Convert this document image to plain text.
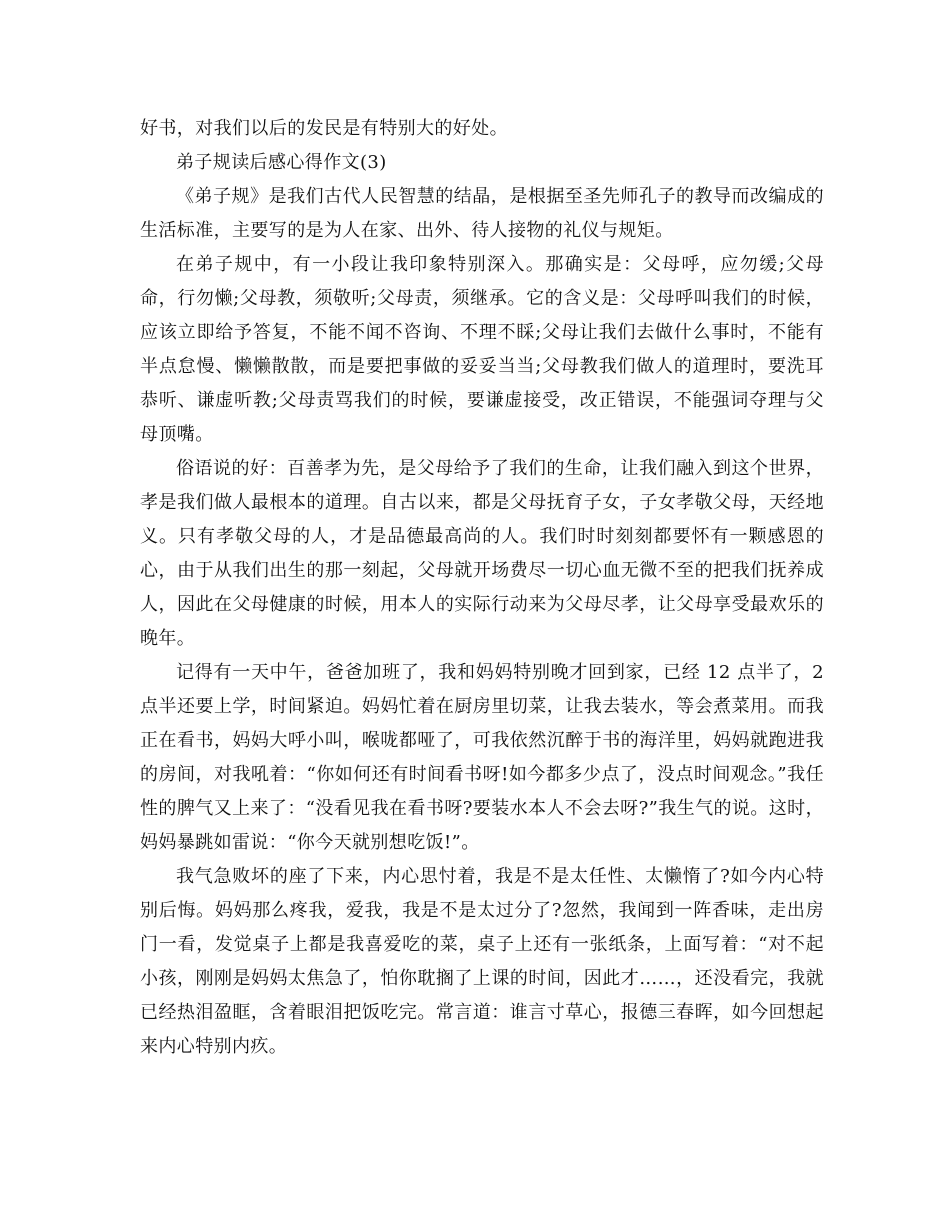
好书，对我们以后的发民是有特别大的好处。

弟子规读后感心得作文(3)

《弟子规》是我们古代人民智慧的结晶，是根据至圣先师孔子的教导而改编成的生活标准，主要写的是为人在家、出外、待人接物的礼仪与规矩。

在弟子规中，有一小段让我印象特别深入。那确实是：父母呼，应勿缓;父母命，行勿懒;父母教，须敬听;父母责，须继承。它的含义是：父母呼叫我们的时候，应该立即给予答复，不能不闻不咨询、不理不睬;父母让我们去做什么事时，不能有半点怠慢、懒懒散散，而是要把事做的妥妥当当;父母教我们做人的道理时，要洗耳恭听、谦虚听教;父母责骂我们的时候，要谦虚接受，改正错误，不能强词夺理与父母顶嘴。

俗语说的好：百善孝为先，是父母给予了我们的生命，让我们融入到这个世界，孝是我们做人最根本的道理。自古以来，都是父母抚育子女，子女孝敬父母，天经地义。只有孝敬父母的人，才是品德最高尚的人。我们时时刻刻都要怀有一颗感恩的心，由于从我们出生的那一刻起，父母就开场费尽一切心血无微不至的把我们抚养成人，因此在父母健康的时候，用本人的实际行动来为父母尽孝，让父母享受最欢乐的晚年。

记得有一天中午，爸爸加班了，我和妈妈特别晚才回到家，已经 12 点半了，2 点半还要上学，时间紧迫。妈妈忙着在厨房里切菜，让我去装水，等会煮菜用。而我正在看书，妈妈大呼小叫，喉咙都哑了，可我依然沉醉于书的海洋里，妈妈就跑进我的房间，对我吼着：“你如何还有时间看书呀!如今都多少点了，没点时间观念。”我任性的脾气又上来了：“没看见我在看书呀?要装水本人不会去呀?”我生气的说。这时，妈妈暴跳如雷说：“你今天就别想吃饭!”。

我气急败坏的座了下来，内心思忖着，我是不是太任性、太懒惰了?如今内心特别后悔。妈妈那么疼我，爱我，我是不是太过分了?忽然，我闻到一阵香味，走出房门一看，发觉桌子上都是我喜爱吃的菜，桌子上还有一张纸条，上面写着：“对不起小孩，刚刚是妈妈太焦急了，怕你耽搁了上课的时间，因此才……，还没看完，我就已经热泪盈眶，含着眼泪把饭吃完。常言道：谁言寸草心，报德三春晖，如今回想起来内心特别内疚。
